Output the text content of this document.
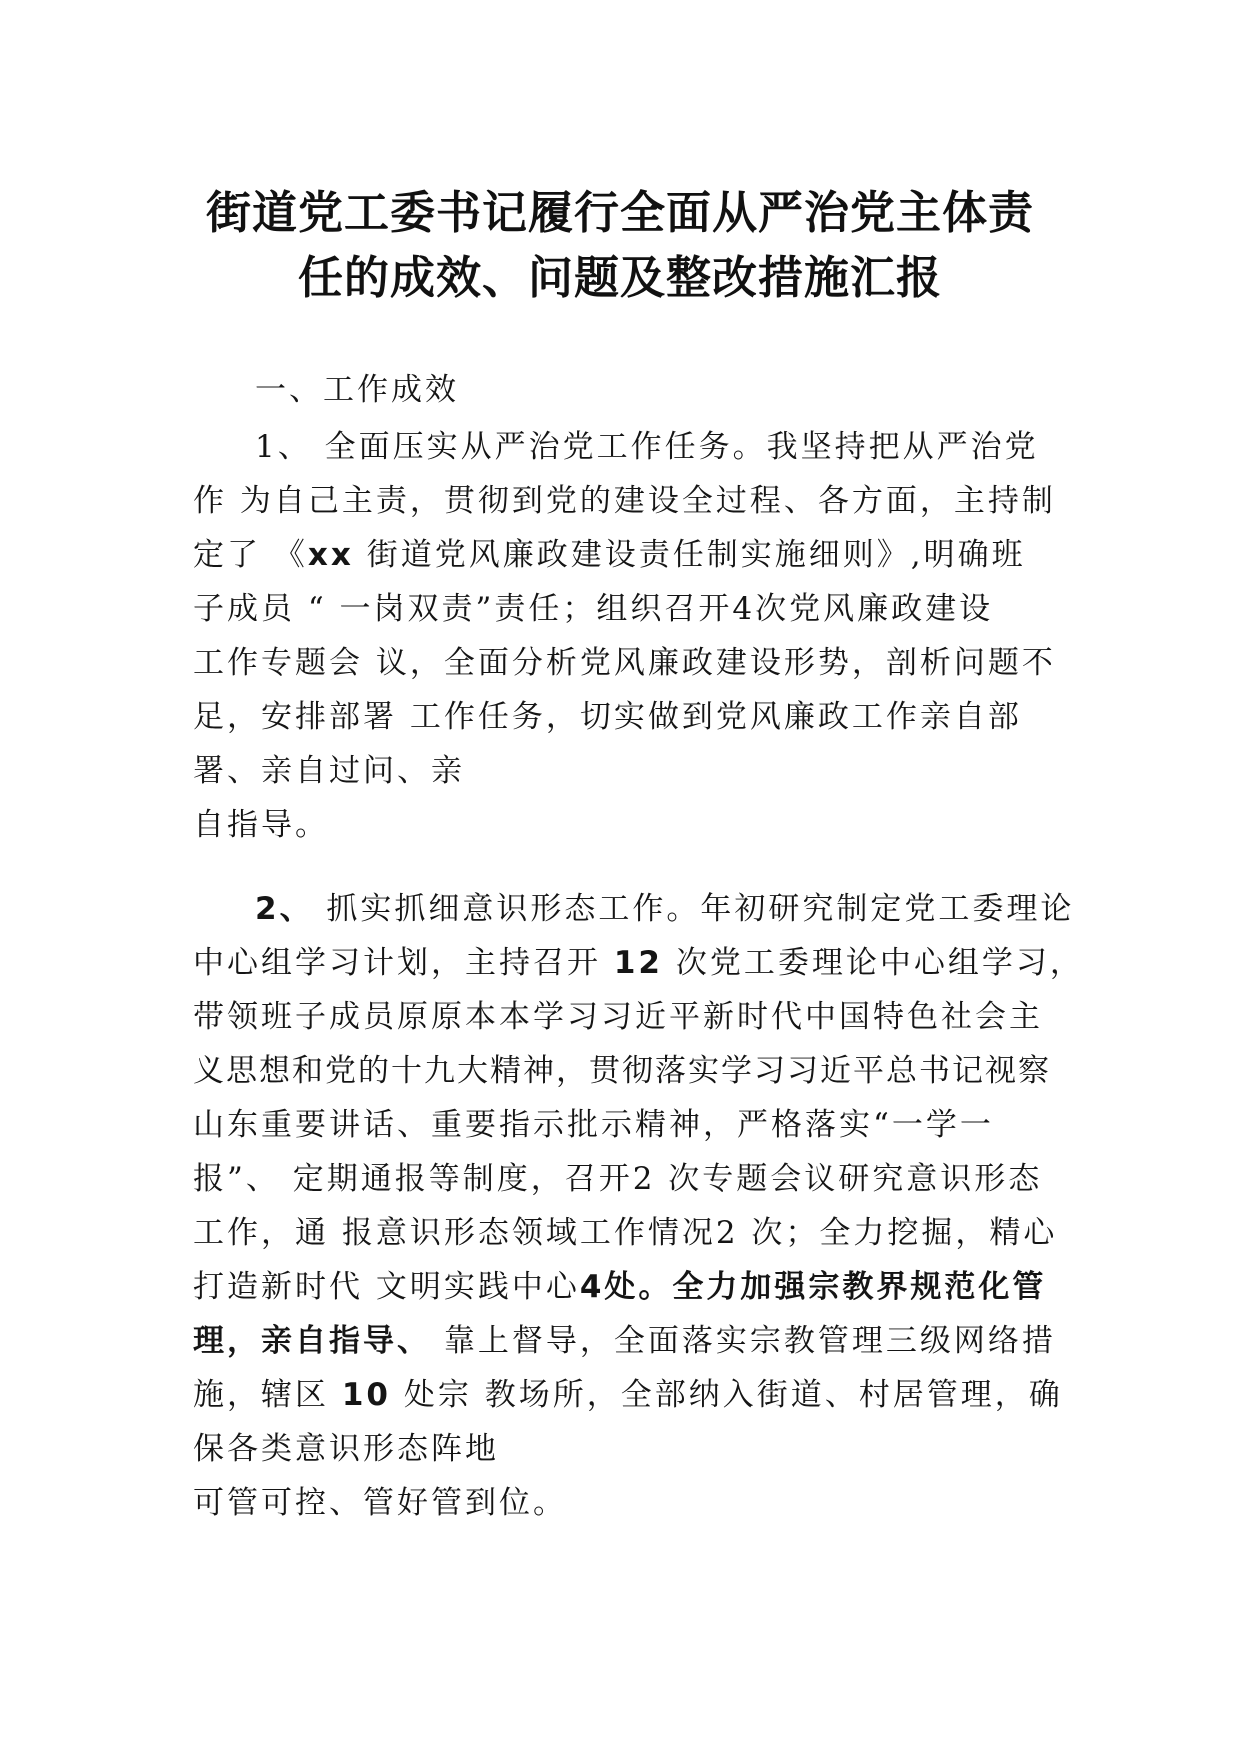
街道党工委书记履行全面从严治党主体责
任的成效、问题及整改措施汇报
一、工作成效
1、 全面压实从严治党工作任务。我坚持把从严治党
作 为自己主责，贯彻到党的建设全过程、各方面，主持制
定了 《xx 街道党风廉政建设责任制实施细则》,明确班
子成员 “ 一岗双责”责任；组织召开4次党风廉政建设
工作专题会 议，全面分析党风廉政建设形势，剖析问题不
足，安排部署 工作任务，切实做到党风廉政工作亲自部
署、亲自过问、亲
自指导。
2、 抓实抓细意识形态工作。年初研究制定党工委理论
中心组学习计划，主持召开 12 次党工委理论中心组学习，
带领班子成员原原本本学习习近平新时代中国特色社会主
义思想和党的十九大精神，贯彻落实学习习近平总书记视察
山东重要讲话、重要指示批示精神，严格落实“一学一
报”、 定期通报等制度，召开2 次专题会议研究意识形态
工作，通 报意识形态领域工作情况2 次；全力挖掘，精心
打造新时代 文明实践中心4处。全力加强宗教界规范化管
理，亲自指导、 靠上督导，全面落实宗教管理三级网络措
施，辖区 10 处宗 教场所，全部纳入街道、村居管理，确
保各类意识形态阵地
可管可控、管好管到位。
